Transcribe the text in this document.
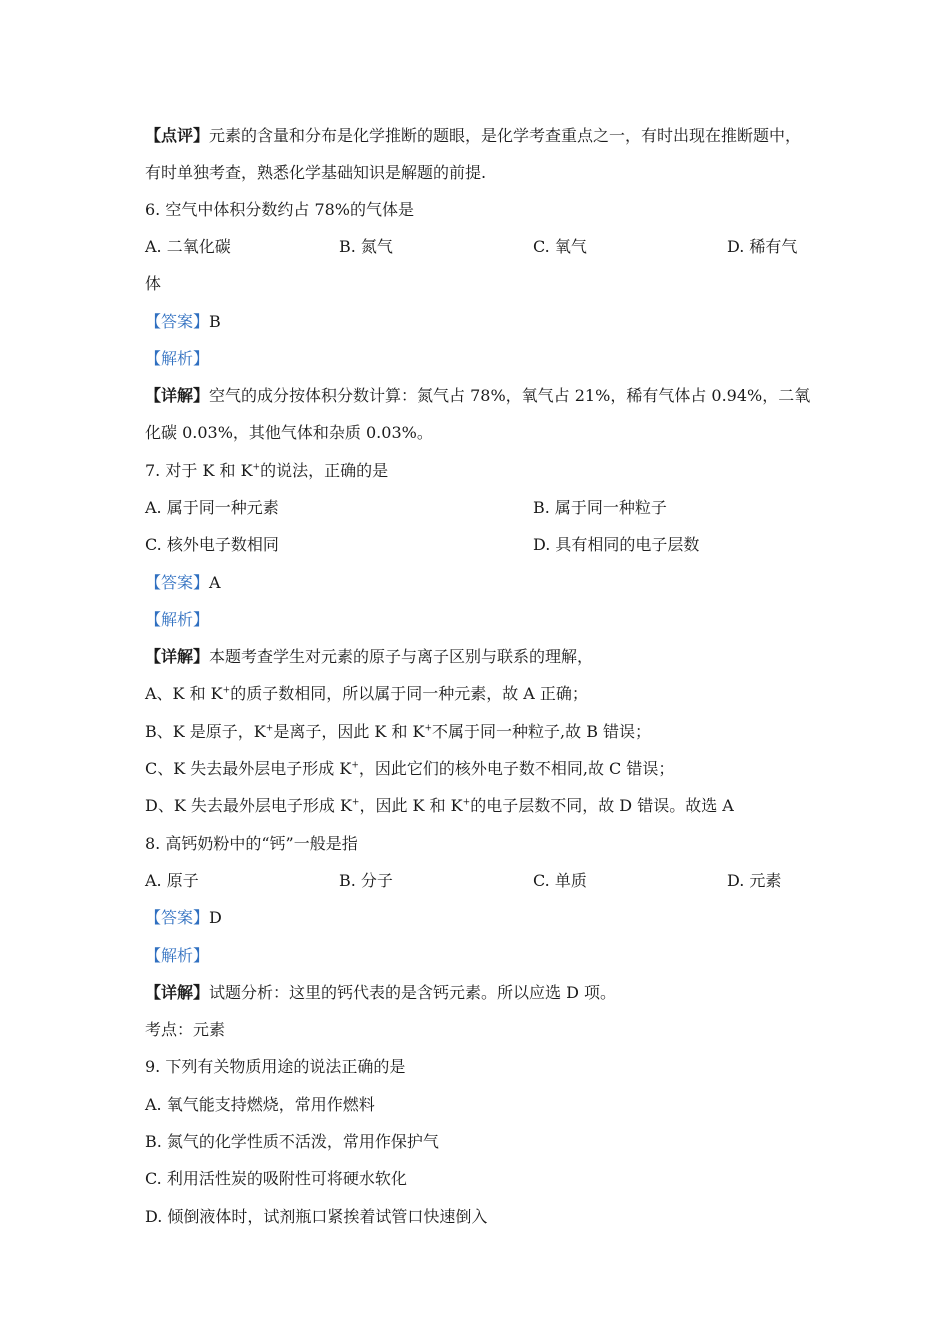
【点评】元素的含量和分布是化学推断的题眼，是化学考查重点之一，有时出现在推断题中，
有时单独考查，熟悉化学基础知识是解题的前提.
6. 空气中体积分数约占 78%的气体是
A. 二氧化碳	B. 氮气	C. 氧气	D. 稀有气
体
【答案】B
【解析】
【详解】空气的成分按体积分数计算：氮气占 78%，氧气占 21%，稀有气体占 0.94%，二氧
化碳 0.03%，其他气体和杂质 0.03%。
7. 对于 K 和 K+的说法，正确的是
A. 属于同一种元素	B. 属于同一种粒子
C. 核外电子数相同	D. 具有相同的电子层数
【答案】A
【解析】
【详解】本题考查学生对元素的原子与离子区别与联系的理解，
A、K 和 K+的质子数相同，所以属于同一种元素，故 A 正确；
B、K 是原子，K+是离子，因此 K 和 K+不属于同一种粒子,故 B 错误；
C、K 失去最外层电子形成 K+，因此它们的核外电子数不相同,故 C 错误；
D、K 失去最外层电子形成 K+，因此 K 和 K+的电子层数不同，故 D 错误。故选 A
8. 高钙奶粉中的“钙”一般是指
A. 原子	B. 分子	C. 单质	D. 元素
【答案】D
【解析】
【详解】试题分析：这里的钙代表的是含钙元素。所以应选 D 项。
考点：元素
9. 下列有关物质用途的说法正确的是
A. 氧气能支持燃烧，常用作燃料
B. 氮气的化学性质不活泼，常用作保护气
C. 利用活性炭的吸附性可将硬水软化
D. 倾倒液体时，试剂瓶口紧挨着试管口快速倒入
